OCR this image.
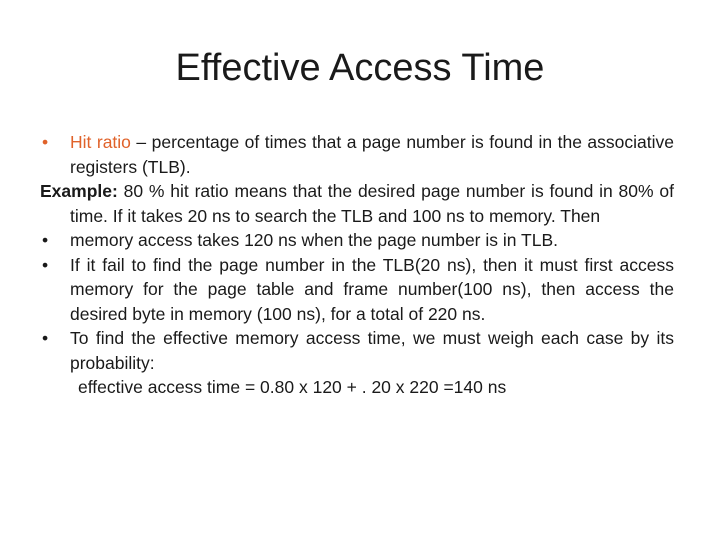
Effective Access Time

• Hit ratio – percentage of times that a page number is found in the associative registers (TLB).

Example: 80 % hit ratio means that the desired page number is found in 80% of time. If it takes 20 ns to search the TLB and 100 ns to memory. Then

• memory access takes 120 ns when the page number is in TLB.

• If it fail to find the page number in the TLB(20 ns), then it must first access memory for the page table and frame number(100 ns), then access the desired byte in memory (100 ns), for a total of 220 ns.

• To find the effective memory access time, we must weigh each case by its probability:

effective access time = 0.80 x 120 + . 20 x 220 =140 ns
